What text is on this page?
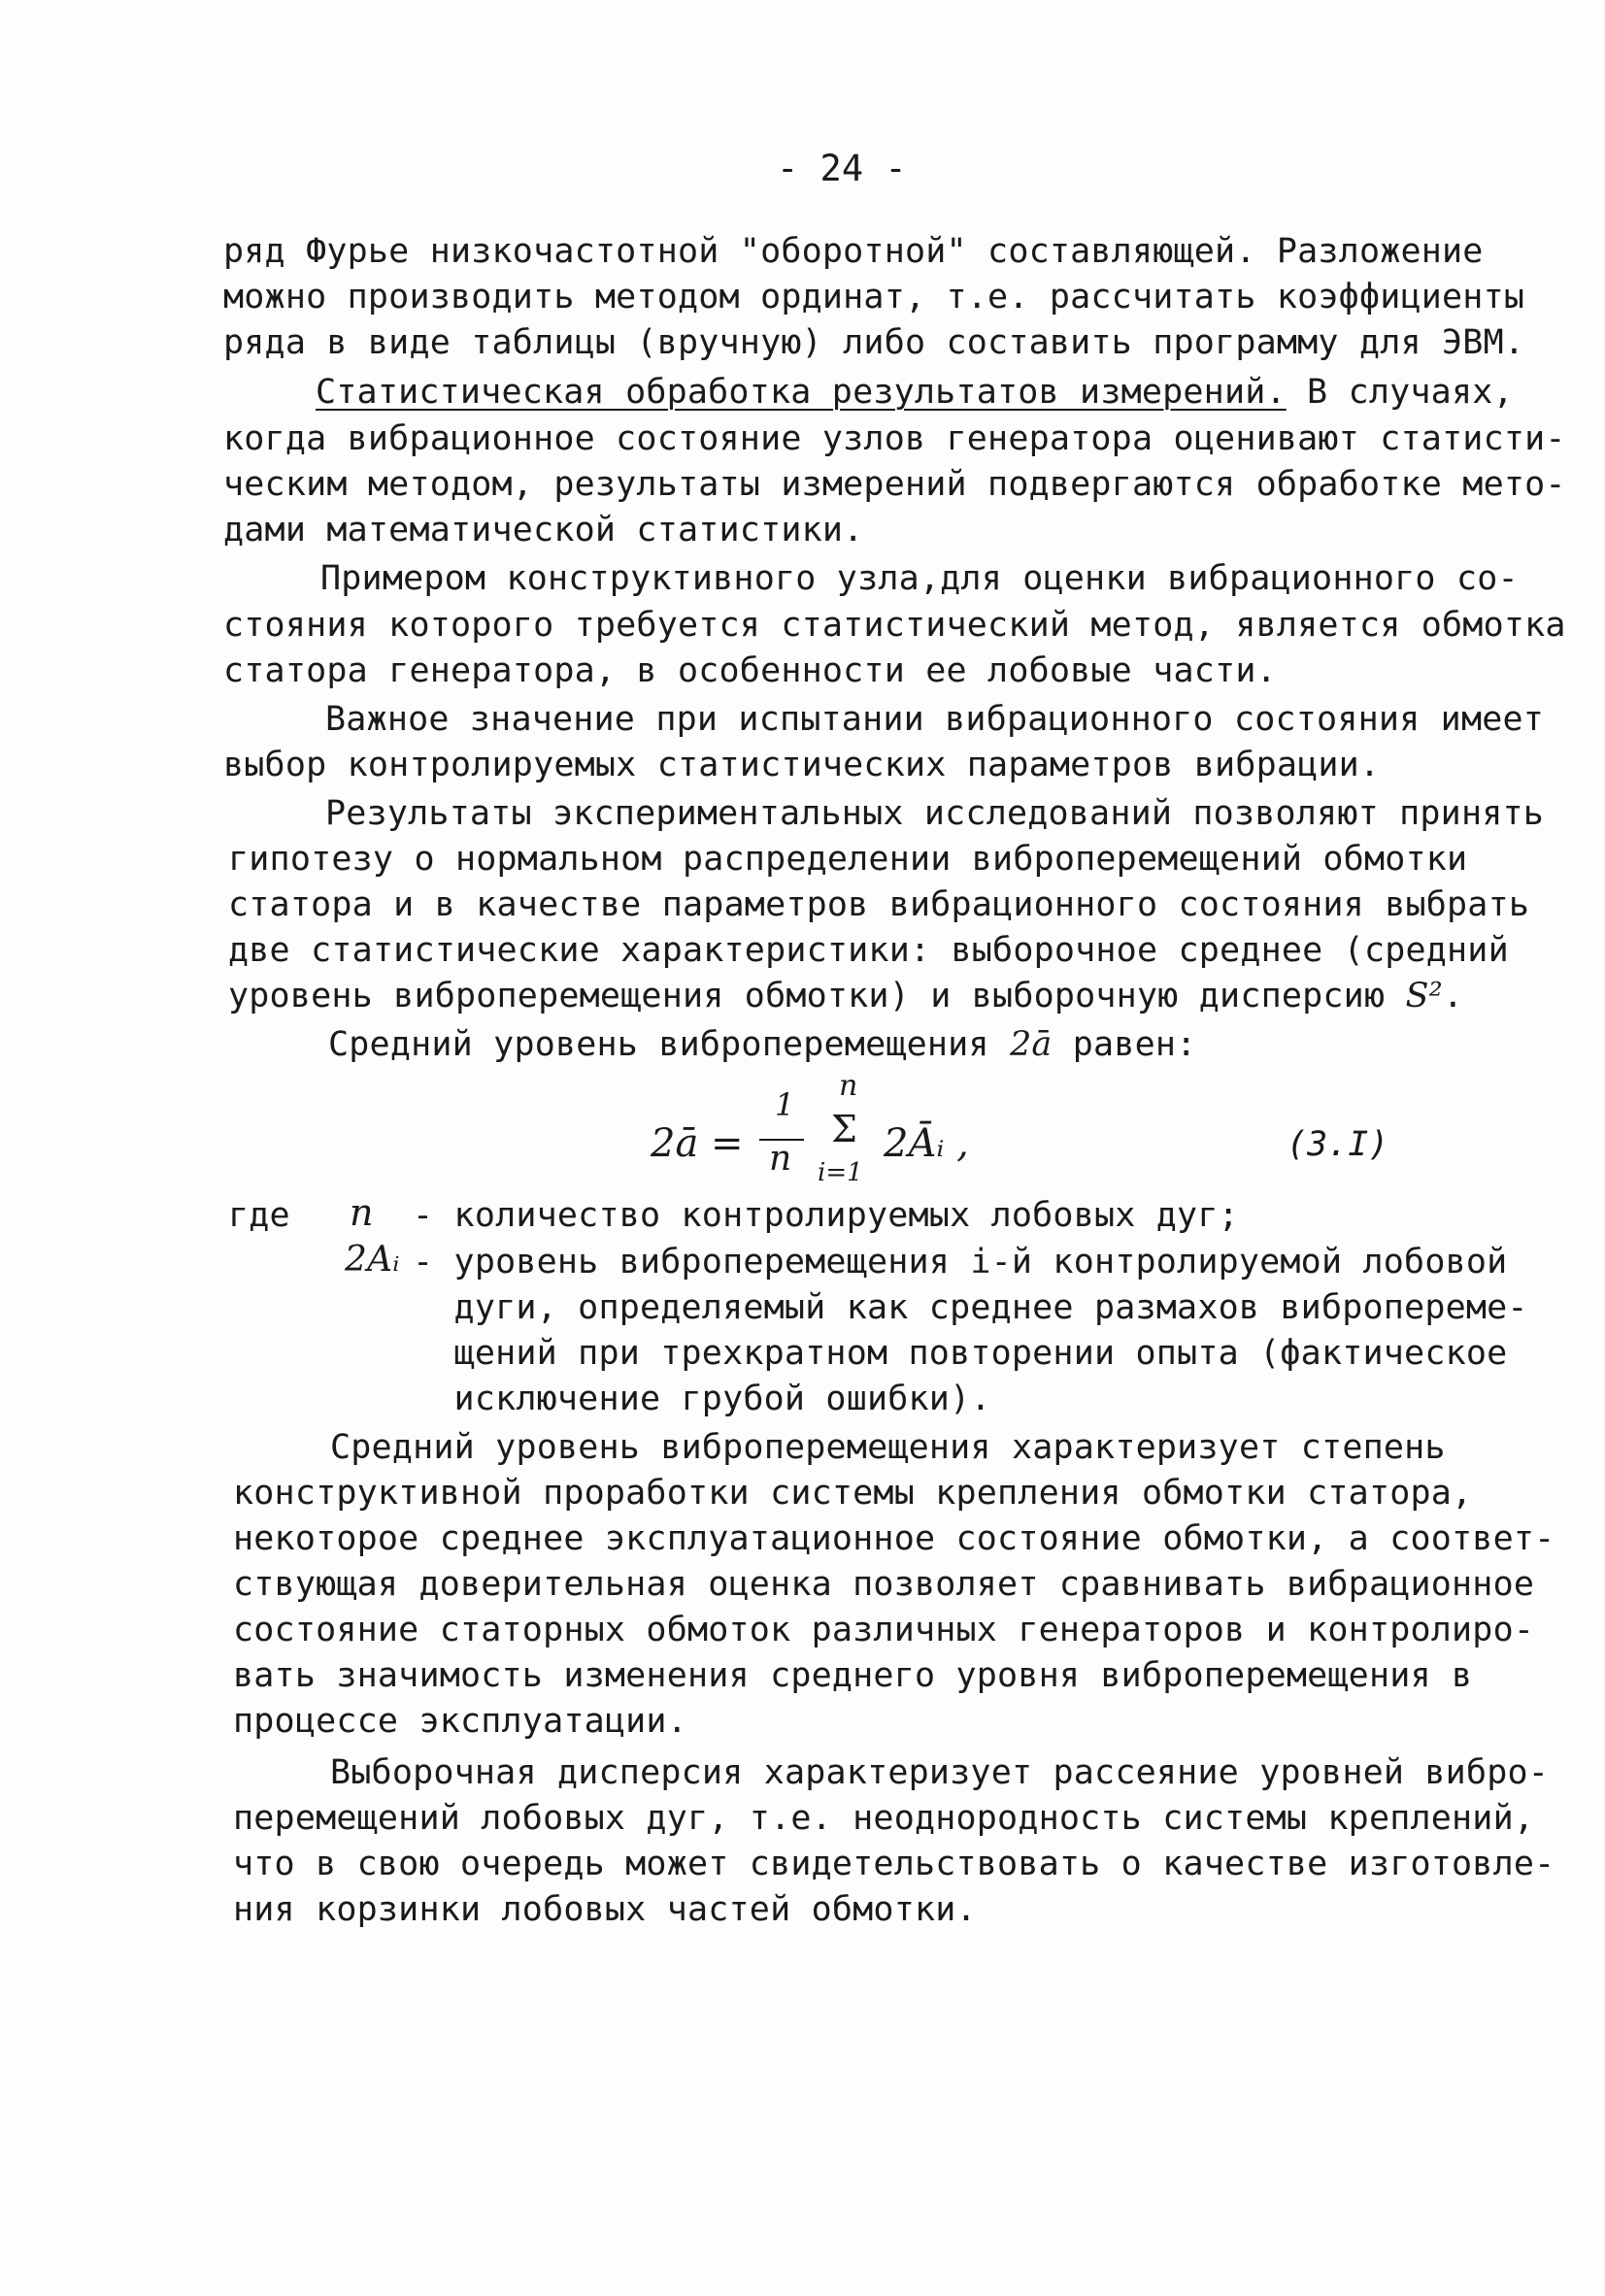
- 24 -
ряд Фурье низкочастотной "оборотной" составляющей. Разложение
можно производить методом ординат, т.е. рассчитать коэффициенты
ряда в виде таблицы (вручную) либо составить программу для ЭВМ.
Статистическая обработка результатов измерений. В случаях,
когда вибрационное состояние узлов генератора оценивают статисти-
ческим методом, результаты измерений подвергаются обработке мето-
дами математической статистики.
Примером конструктивного узла,для оценки вибрационного со-
стояния которого требуется статистический метод, является обмотка
статора генератора, в особенности ее лобовые части.
Важное значение при испытании вибрационного состояния имеет
выбор контролируемых статистических параметров вибрации.
Результаты экспериментальных исследований позволяют принять
гипотезу о нормальном распределении виброперемещений обмотки
статора и в качестве параметров вибрационного состояния выбрать
две статистические характеристики: выборочное среднее (средний
уровень виброперемещения обмотки) и выборочную дисперсию S².
Средний уровень виброперемещения 2ā равен:
2ā =
1
n
n
Σ
i=1
2Āᵢ ,	(3.I)
где n - количество контролируемых лобовых дуг;
2Aᵢ - уровень виброперемещения i-й контролируемой лобовой
дуги, определяемый как среднее размахов вибропереме-
щений при трехкратном повторении опыта (фактическое
исключение грубой ошибки).
Средний уровень виброперемещения характеризует степень
конструктивной проработки системы крепления обмотки статора,
некоторое среднее эксплуатационное состояние обмотки, а соответ-
ствующая доверительная оценка позволяет сравнивать вибрационное
состояние статорных обмоток различных генераторов и контролиро-
вать значимость изменения среднего уровня виброперемещения в
процессе эксплуатации.
Выборочная дисперсия характеризует рассеяние уровней вибро-
перемещений лобовых дуг, т.е. неоднородность системы креплений,
что в свою очередь может свидетельствовать о качестве изготовле-
ния корзинки лобовых частей обмотки.
